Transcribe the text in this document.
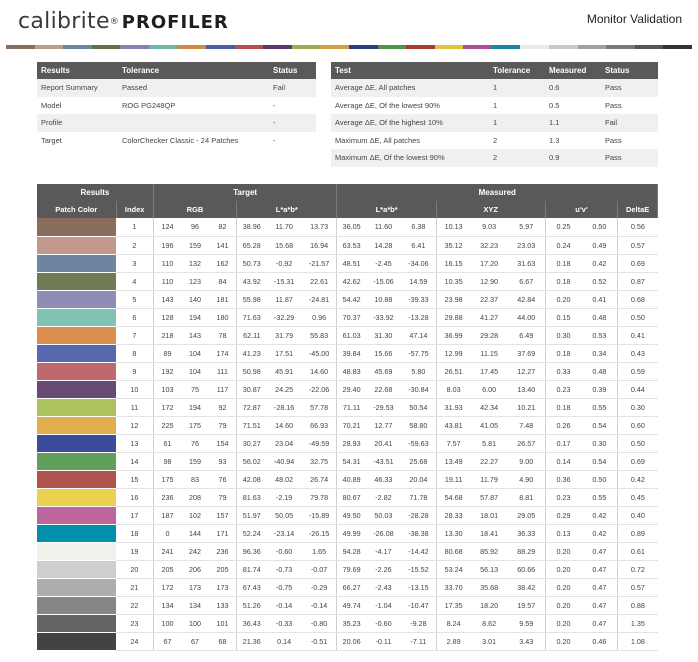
calibrite® PROFILER	Monitor Validation
Results	Tolerance	Status
Report Summary	Passed	Fail
Model	ROG PG248QP	-
Profile		-
Target	ColorChecker Classic - 24 Patches	-
Test	Tolerance	Measured	Status
Average ΔE, All patches	1	0.6	Pass
Average ΔE, Of the lowest 90%	1	0.5	Pass
Average ΔE, Of the highest 10%	1	1.1	Fail
Maximum ΔE, All patches	2	1.3	Pass
Maximum ΔE, Of the lowest 90%	2	0.9	Pass
Results		Target						Measured								
Patch Color	Index	RGB			L*a*b*			L*a*b*			XYZ			u'v'		DeltaE
	1	124	96	82	38.96	11.70	13.73	36.05	11.60	6.38	10.13	9.03	5.97	0.25	0.50	0.56
	2	196	159	141	65.28	15.68	16.94	63.53	14.28	6.41	35.12	32.23	23.03	0.24	0.49	0.57
	3	110	132	162	50.73	-0.92	-21.57	48.51	-2.45	-34.06	16.15	17.20	31.63	0.18	0.42	0.69
	4	110	123	84	43.92	-15.31	22.61	42.62	-15.06	14.59	10.35	12.90	6.67	0.18	0.52	0.87
	5	143	140	181	55.98	11.87	-24.81	54.42	10.88	-39.33	23.98	22.37	42.84	0.20	0.41	0.68
	6	128	194	180	71.63	-32.29	0.96	70.37	-33.92	-13.28	29.88	41.27	44.00	0.15	0.48	0.50
	7	218	143	78	62.11	31.79	55.83	61.03	31.30	47.14	36.99	29.28	6.49	0.30	0.53	0.41
	8	89	104	174	41.23	17.51	-45.00	39.84	15.66	-57.75	12.99	11.15	37.69	0.18	0.34	0.43
	9	192	104	111	50.98	45.91	14.60	48.83	45.69	5.80	26.51	17.45	12.27	0.33	0.48	0.59
	10	103	75	117	30.87	24.25	-22.06	29.40	22.68	-30.84	8.03	6.00	13.40	0.23	0.39	0.44
	11	172	194	92	72.87	-28.16	57.78	71.11	-29.53	50.54	31.93	42.34	10.21	0.18	0.55	0.30
	12	225	175	79	71.51	14.60	66.93	70.21	12.77	58.80	43.81	41.05	7.48	0.26	0.54	0.60
	13	61	76	154	30.27	23.04	-49.59	28.93	20.41	-59.63	7.57	5.81	26.57	0.17	0.30	0.50
	14	98	159	93	56.02	-40.94	32.75	54.31	-43.51	25.68	13.49	22.27	9.00	0.14	0.54	0.69
	15	175	83	76	42.08	48.02	26.74	40.89	46.33	20.04	19.11	11.79	4.90	0.36	0.50	0.42
	16	236	208	79	81.63	-2.19	79.78	80.67	-2.82	71.78	54.68	57.87	8.81	0.23	0.55	0.45
	17	187	102	157	51.97	50.05	-15.89	49.50	50.03	-28.28	28.33	18.01	29.05	0.29	0.42	0.40
	18	0	144	171	52.24	-23.14	-26.15	49.99	-26.08	-38.38	13.30	18.41	36.33	0.13	0.42	0.89
	19	241	242	236	96.36	-0.60	1.65	94.28	-4.17	-14.42	80.68	85.92	88.29	0.20	0.47	0.61
	20	205	206	205	81.74	-0.73	-0.07	79.69	-2.26	-15.52	53.24	56.13	60.66	0.20	0.47	0.72
	21	172	173	173	67.43	-0.75	-0.29	66.27	-2.43	-13.15	33.70	35.68	38.42	0.20	0.47	0.57
	22	134	134	133	51.26	-0.14	-0.14	49.74	-1.04	-10.47	17.35	18.20	19.57	0.20	0.47	0.88
	23	100	100	101	36.43	-0.33	-0.80	35.23	-0.60	-9.28	8.24	8.62	9.59	0.20	0.47	1.35
	24	67	67	68	21.36	0.14	-0.51	20.06	-0.11	-7.11	2.89	3.01	3.43	0.20	0.46	1.08
